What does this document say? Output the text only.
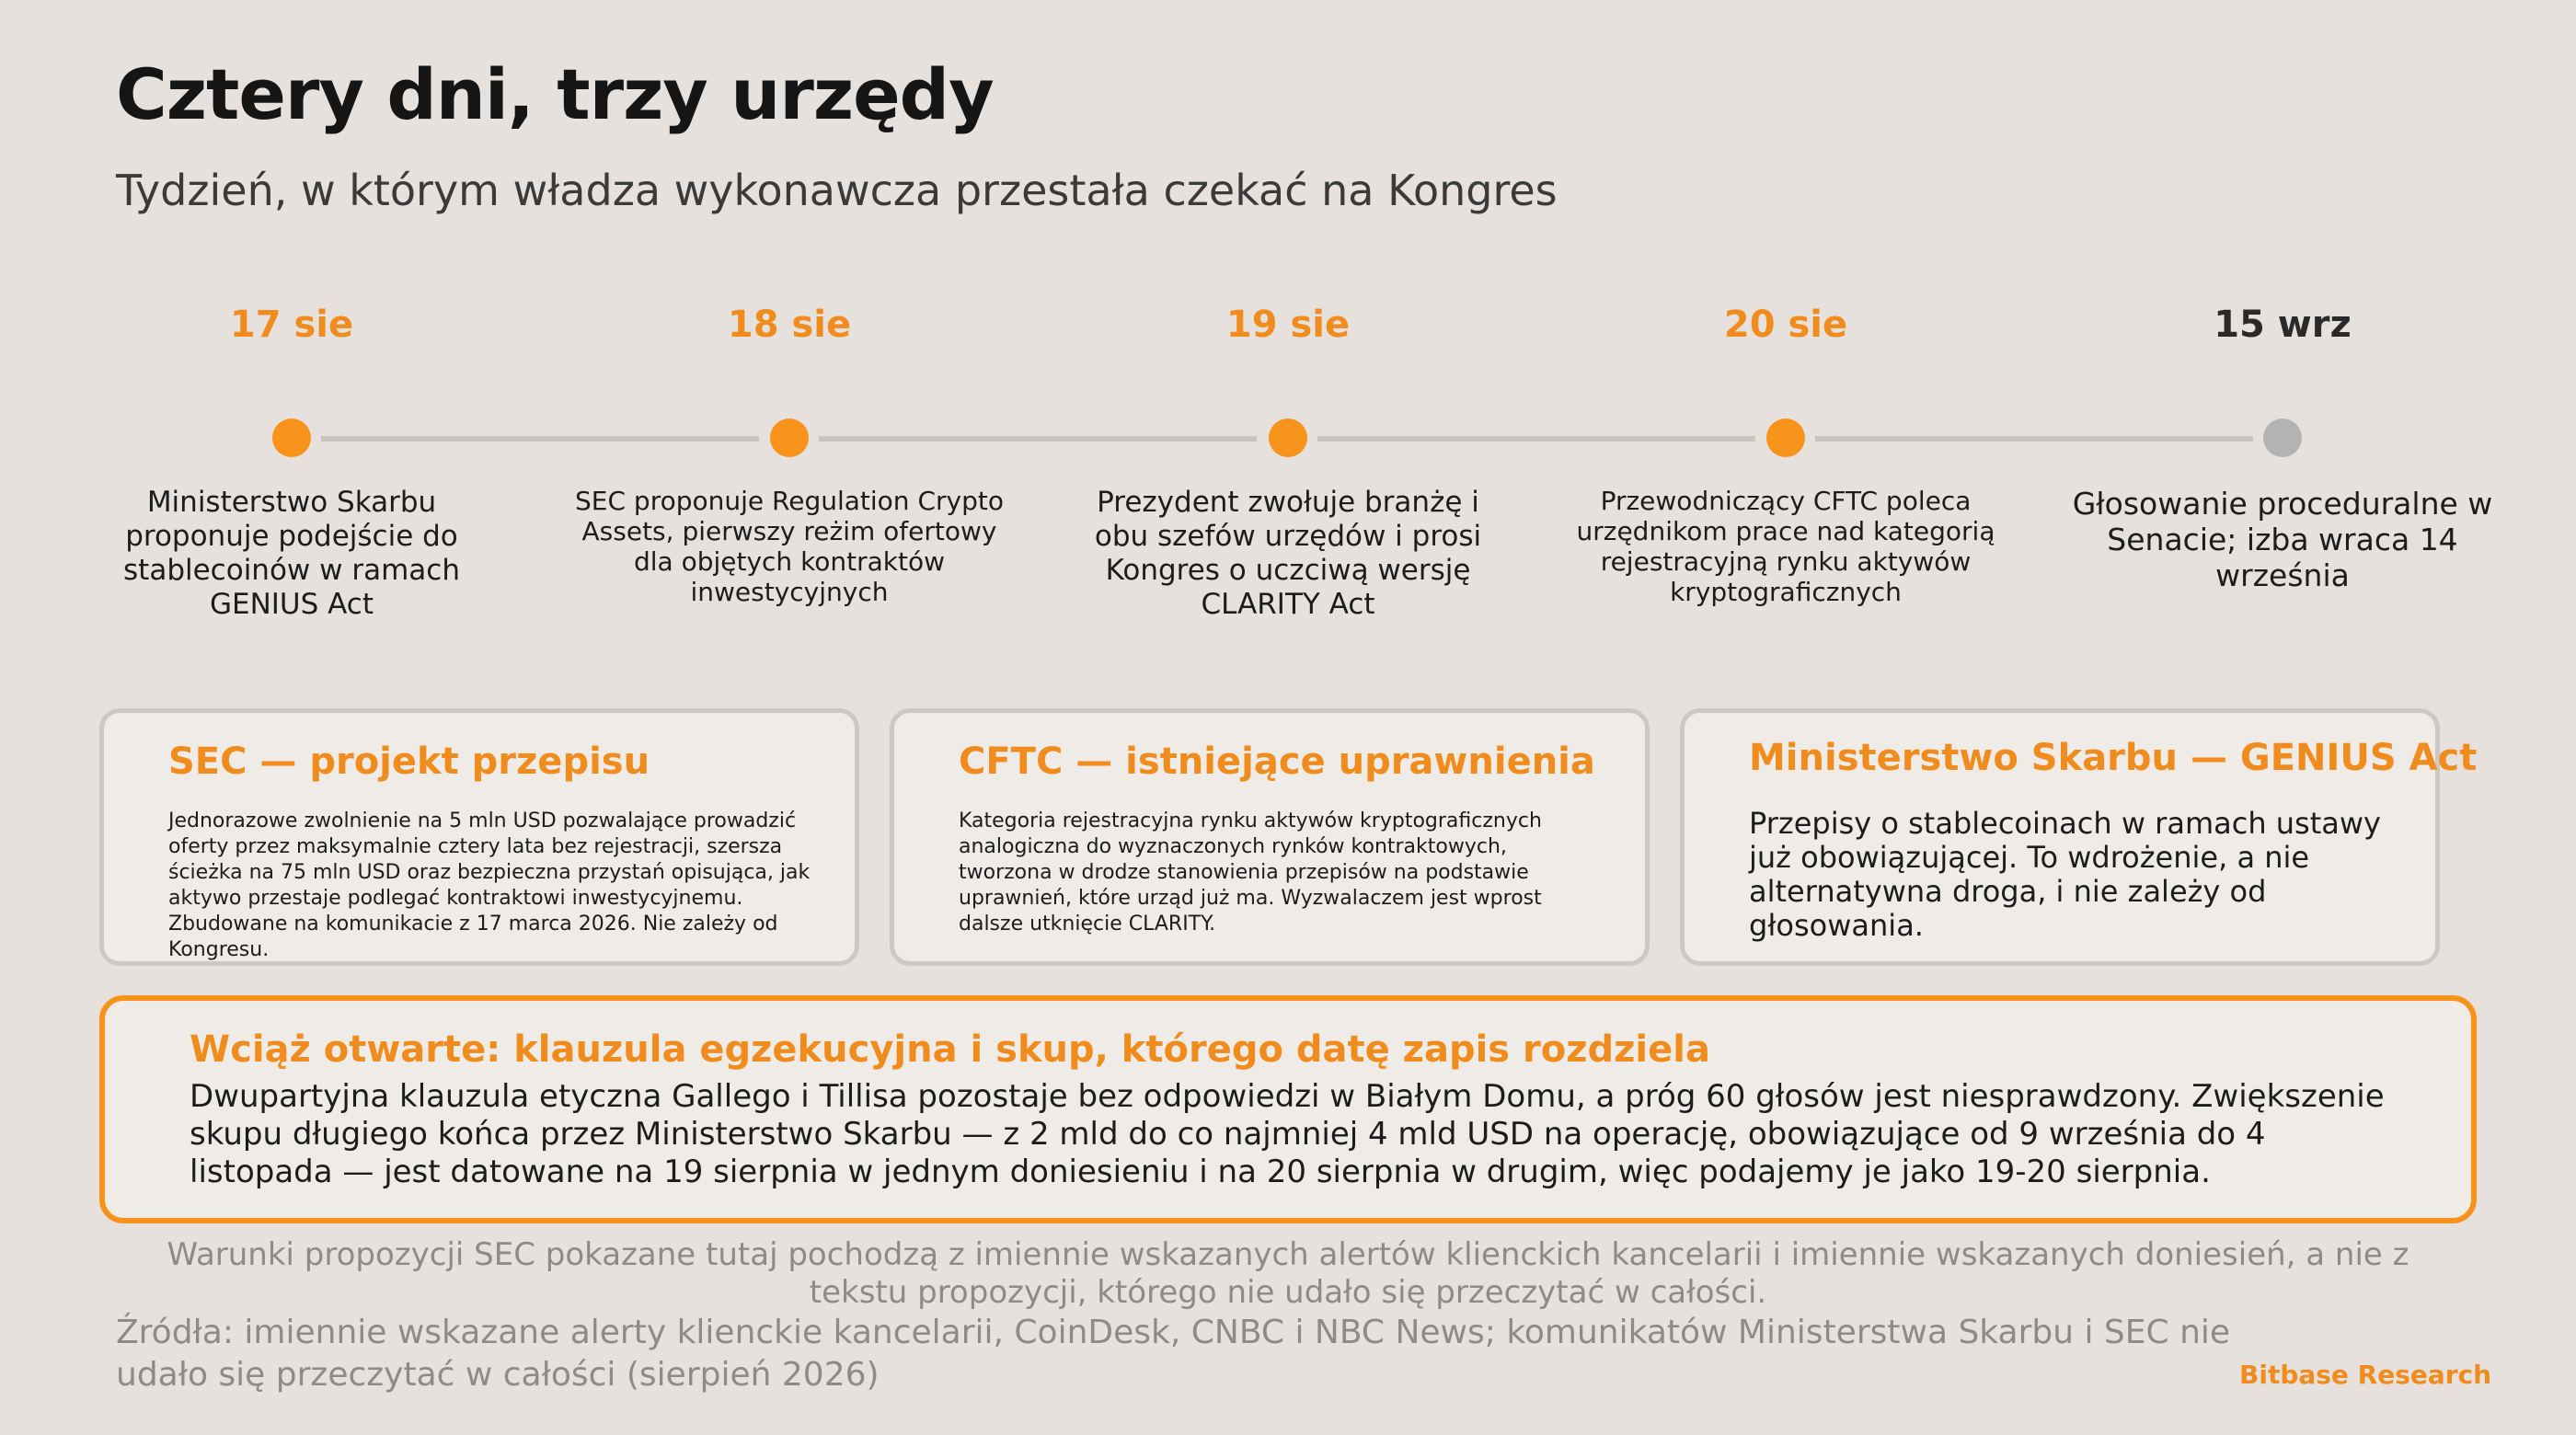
Cztery dni, trzy urzędy
Tydzień, w którym władza wykonawcza przestała czekać na Kongres
17 sie	18 sie	19 sie	20 sie	15 wrz
Ministerstwo Skarbu proponuje podejście do stablecoinów w ramach GENIUS Act
SEC proponuje Regulation Crypto Assets, pierwszy reżim ofertowy dla objętych kontraktów inwestycyjnych
Prezydent zwołuje branżę i obu szefów urzędów i prosi Kongres o uczciwą wersję CLARITY Act
Przewodniczący CFTC poleca urzędnikom prace nad kategorią rejestracyjną rynku aktywów kryptograficznych
Głosowanie proceduralne w Senacie; izba wraca 14 września
SEC — projekt przepisu
Jednorazowe zwolnienie na 5 mln USD pozwalające prowadzić oferty przez maksymalnie cztery lata bez rejestracji, szersza ścieżka na 75 mln USD oraz bezpieczna przystań opisująca, jak aktywo przestaje podlegać kontraktowi inwestycyjnemu. Zbudowane na komunikacie z 17 marca 2026. Nie zależy od Kongresu.
CFTC — istniejące uprawnienia
Kategoria rejestracyjna rynku aktywów kryptograficznych analogiczna do wyznaczonych rynków kontraktowych, tworzona w drodze stanowienia przepisów na podstawie uprawnień, które urząd już ma. Wyzwalaczem jest wprost dalsze utknięcie CLARITY.
Ministerstwo Skarbu — GENIUS Act
Przepisy o stablecoinach w ramach ustawy już obowiązującej. To wdrożenie, a nie alternatywna droga, i nie zależy od głosowania.
Wciąż otwarte: klauzula egzekucyjna i skup, którego datę zapis rozdziela
Dwupartyjna klauzula etyczna Gallego i Tillisa pozostaje bez odpowiedzi w Białym Domu, a próg 60 głosów jest niesprawdzony. Zwiększenie skupu długiego końca przez Ministerstwo Skarbu — z 2 mld do co najmniej 4 mld USD na operację, obowiązujące od 9 września do 4 listopada — jest datowane na 19 sierpnia w jednym doniesieniu i na 20 sierpnia w drugim, więc podajemy je jako 19-20 sierpnia.
Warunki propozycji SEC pokazane tutaj pochodzą z imiennie wskazanych alertów klienckich kancelarii i imiennie wskazanych doniesień, a nie z tekstu propozycji, którego nie udało się przeczytać w całości.
Źródła: imiennie wskazane alerty klienckie kancelarii, CoinDesk, CNBC i NBC News; komunikatów Ministerstwa Skarbu i SEC nie udało się przeczytać w całości (sierpień 2026)	Bitbase Research
